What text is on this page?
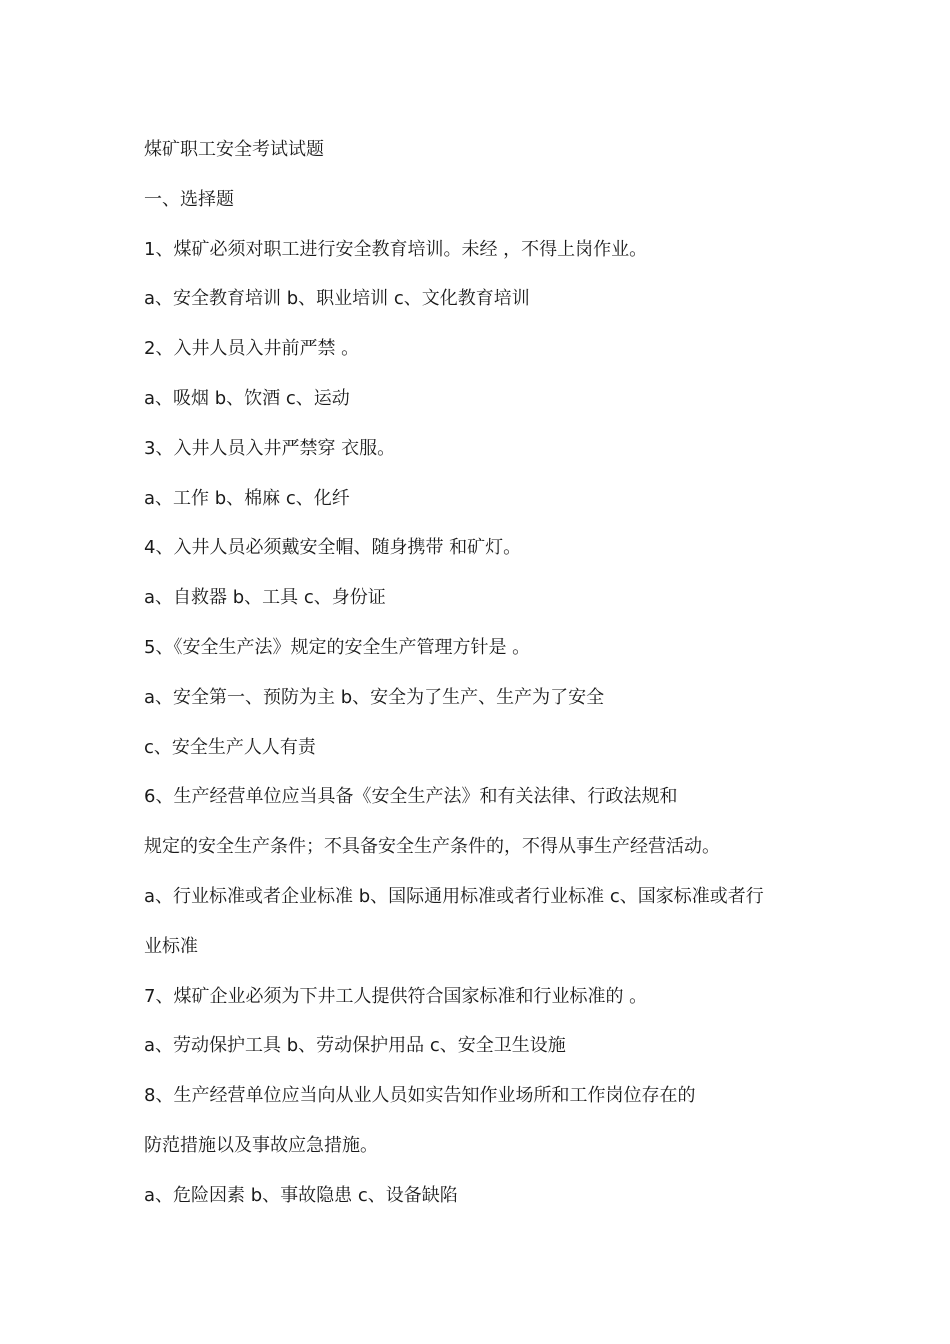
煤矿职工安全考试试题
一、选择题
1、煤矿必须对职工进行安全教育培训。未经 ，不得上岗作业。
a、安全教育培训 b、职业培训 c、文化教育培训
2、入井人员入井前严禁 。
a、吸烟 b、饮酒 c、运动
3、入井人员入井严禁穿 衣服。
a、工作 b、棉麻 c、化纤
4、入井人员必须戴安全帽、随身携带 和矿灯。
a、自救器 b、工具 c、身份证
5、《安全生产法》规定的安全生产管理方针是 。
a、安全第一、预防为主 b、安全为了生产、生产为了安全
c、安全生产人人有责
6、生产经营单位应当具备《安全生产法》和有关法律、行政法规和
规定的安全生产条件；不具备安全生产条件的，不得从事生产经营活动。
a、行业标准或者企业标准 b、国际通用标准或者行业标准 c、国家标准或者行
业标准
7、煤矿企业必须为下井工人提供符合国家标准和行业标准的 。
a、劳动保护工具 b、劳动保护用品 c、安全卫生设施
8、生产经营单位应当向从业人员如实告知作业场所和工作岗位存在的
防范措施以及事故应急措施。
a、危险因素 b、事故隐患 c、设备缺陷
